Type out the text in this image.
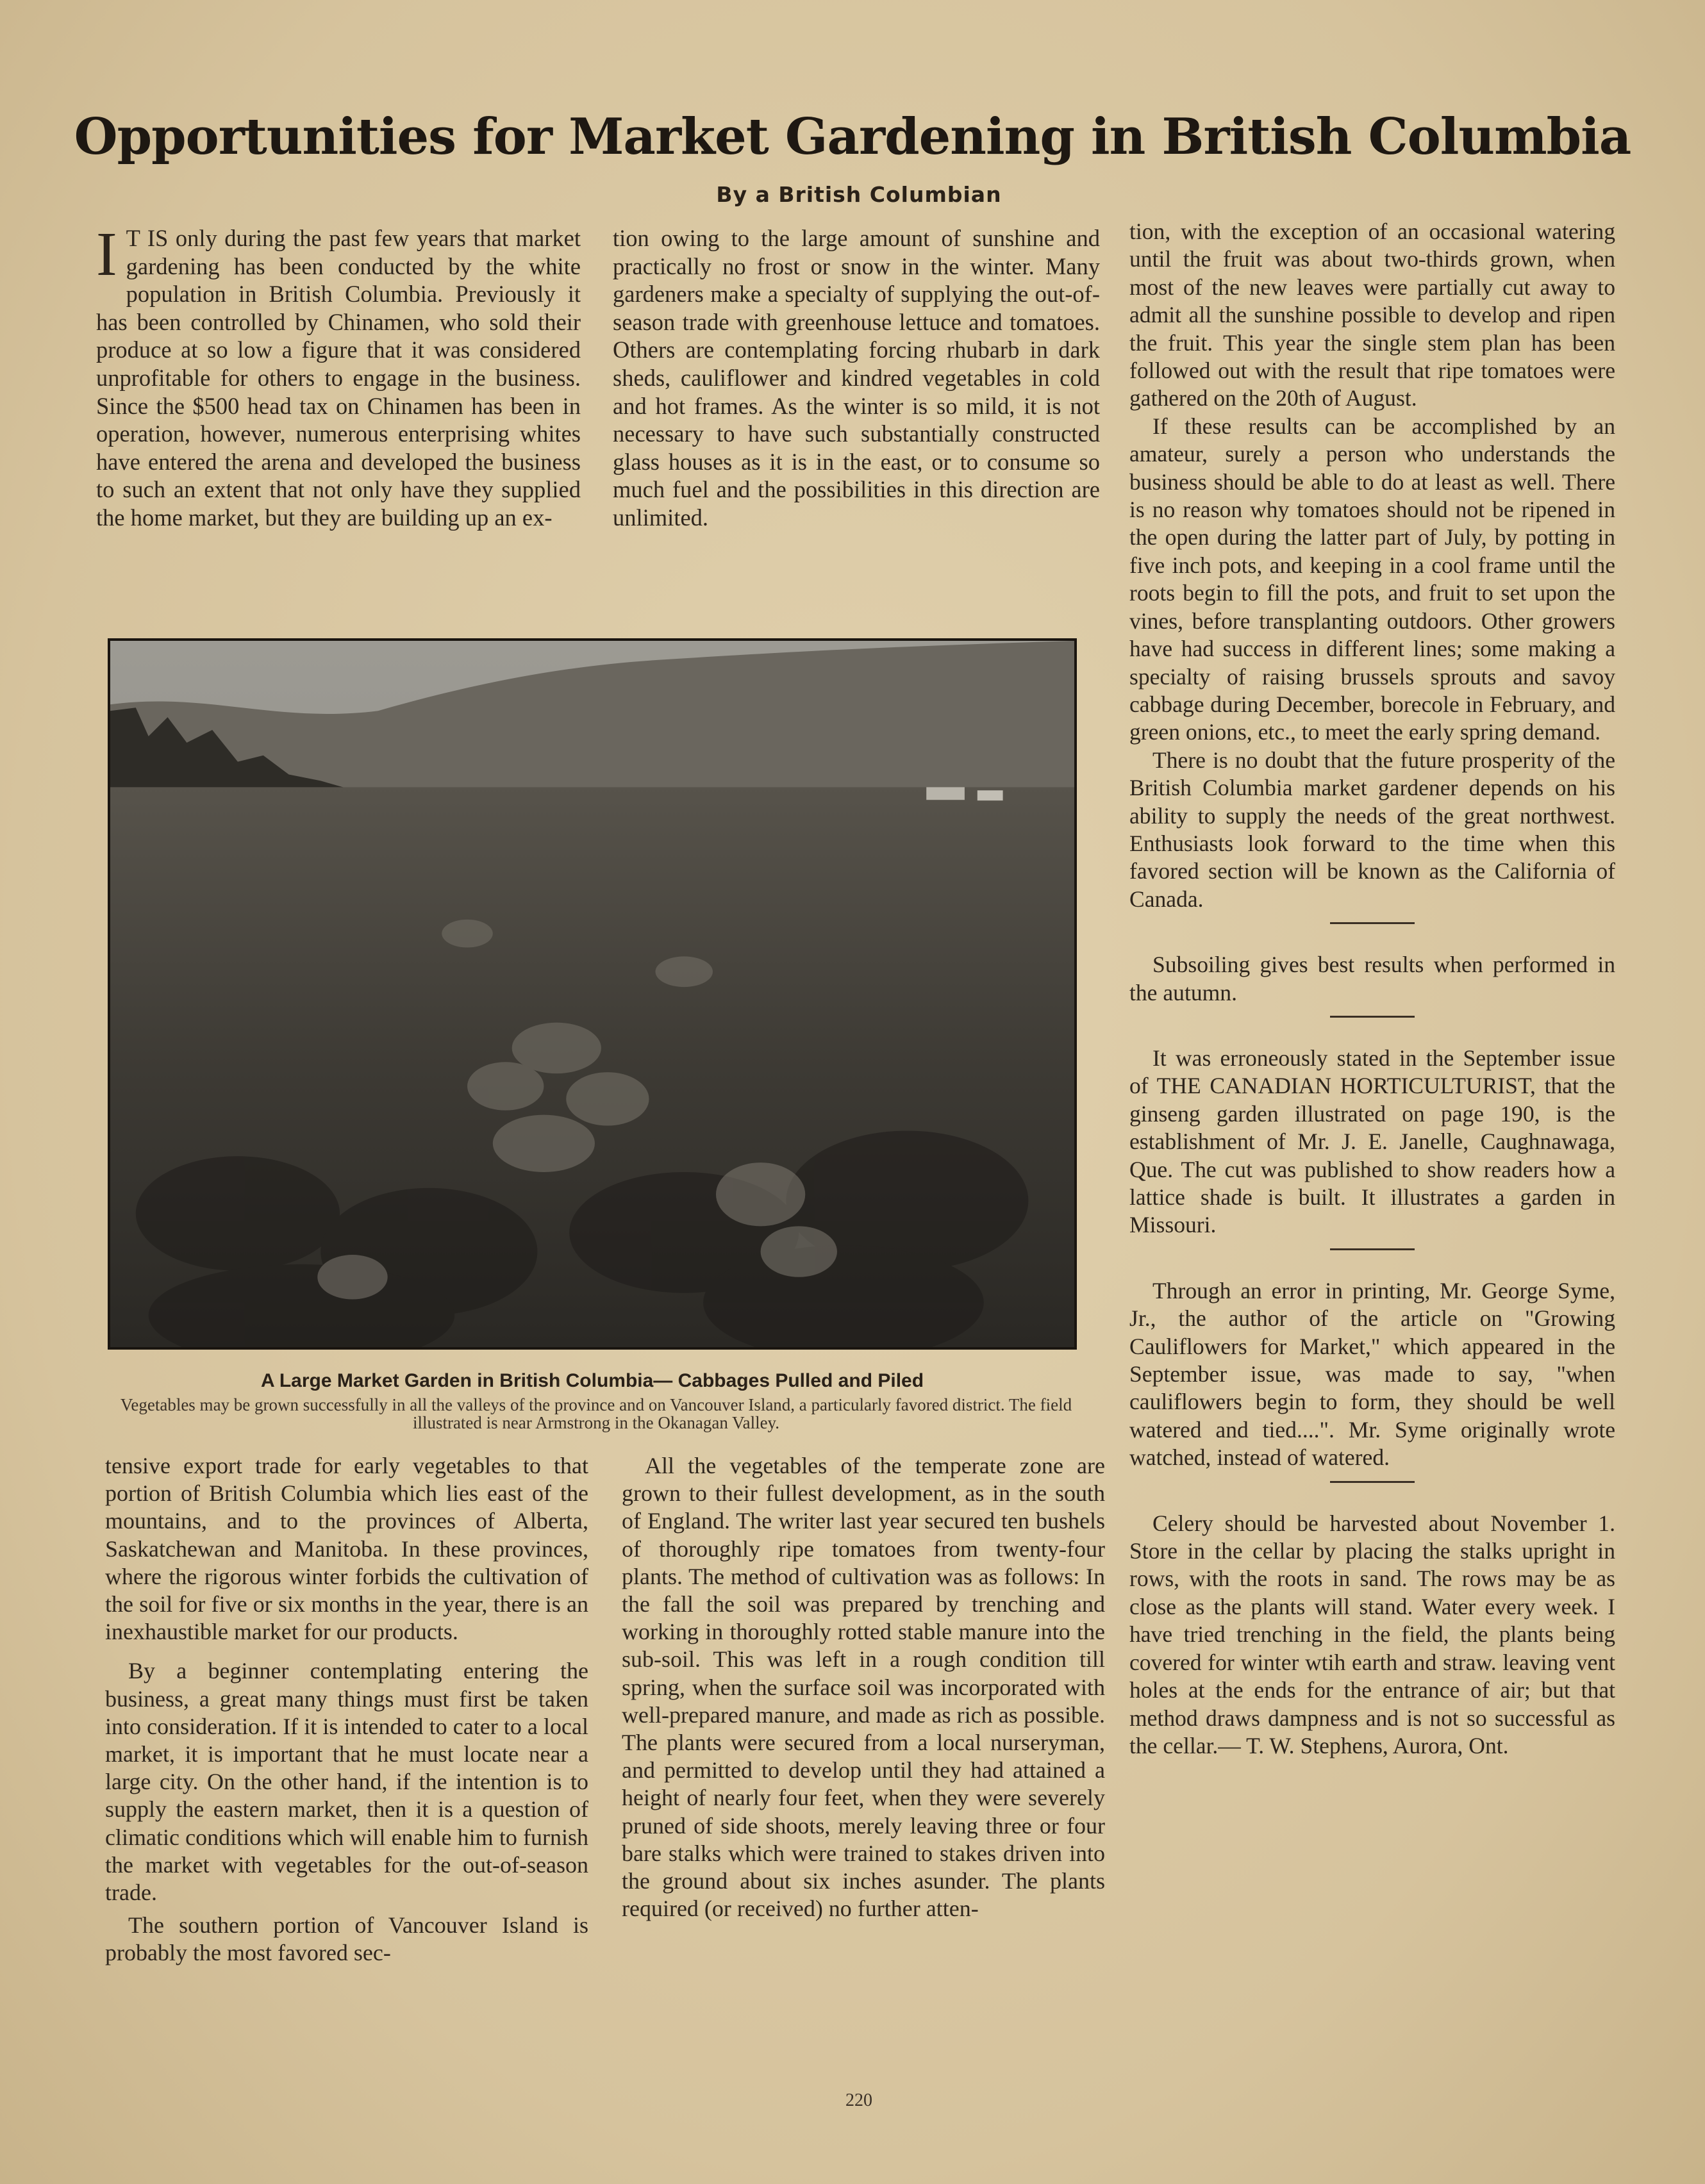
Opportunities for Market Gardening in British Columbia
By a British Columbian

I T IS only during the past few years that market gardening has been conducted by the white population in British Columbia. Previously it has been controlled by Chinamen, who sold their produce at so low a figure that it was considered unprofitable for others to engage in the business. Since the $500 head tax on Chinamen has been in operation, however, numerous enterprising whites have entered the arena and developed the business to such an extent that not only have they supplied the home market, but they are building up an ex-

tion owing to the large amount of sunshine and practically no frost or snow in the winter. Many gardeners make a specialty of supplying the out-of-season trade with greenhouse lettuce and tomatoes. Others are contemplating forcing rhubarb in dark sheds, cauliflower and kindred vegetables in cold and hot frames. As the winter is so mild, it is not necessary to have such substantially constructed glass houses as it is in the east, or to consume so much fuel and the possibilities in this direction are unlimited.

tion, with the exception of an occasional watering until the fruit was about two-thirds grown, when most of the new leaves were partially cut away to admit all the sunshine possible to develop and ripen the fruit. This year the single stem plan has been followed out with the result that ripe tomatoes were gathered on the 20th of August.

If these results can be accomplished by an amateur, surely a person who understands the business should be able to do at least as well. There is no reason why tomatoes should not be ripened in the open during the latter part of July, by potting in five inch pots, and keeping in a cool frame until the roots begin to fill the pots, and fruit to set upon the vines, before transplanting outdoors. Other growers have had success in different lines; some making a specialty of raising brussels sprouts and savoy cabbage during December, borecole in February, and green onions, etc., to meet the early spring demand.

There is no doubt that the future prosperity of the British Columbia market gardener depends on his ability to supply the needs of the great northwest. Enthusiasts look forward to the time when this favored section will be known as the California of Canada.

Subsoiling gives best results when performed in the autumn.

It was erroneously stated in the September issue of THE CANADIAN HORTICULTURIST, that the ginseng garden illustrated on page 190, is the establishment of Mr. J. E. Janelle, Caughnawaga, Que. The cut was published to show readers how a lattice shade is built. It illustrates a garden in Missouri.

Through an error in printing, Mr. George Syme, Jr., the author of the article on "Growing Cauliflowers for Market," which appeared in the September issue, was made to say, "when cauliflowers begin to form, they should be well watered and tied....". Mr. Syme originally wrote watched, instead of watered.

Celery should be harvested about November 1. Store in the cellar by placing the stalks upright in rows, with the roots in sand. The rows may be as close as the plants will stand. Water every week. I have tried trenching in the field, the plants being covered for winter wtih earth and straw. leaving vent holes at the ends for the entrance of air; but that method draws dampness and is not so successful as the cellar.— T. W. Stephens, Aurora, Ont.

A Large Market Garden in British Columbia— Cabbages Pulled and Piled
Vegetables may be grown successfully in all the valleys of the province and on Vancouver Island, a particularly favored district. The field illustrated is near Armstrong in the Okanagan Valley.

tensive export trade for early vegetables to that portion of British Columbia which lies east of the mountains, and to the provinces of Alberta, Saskatchewan and Manitoba. In these provinces, where the rigorous winter forbids the cultivation of the soil for five or six months in the year, there is an inexhaustible market for our products.

By a beginner contemplating entering the business, a great many things must first be taken into consideration. If it is intended to cater to a local market, it is important that he must locate near a large city. On the other hand, if the intention is to supply the eastern market, then it is a question of climatic conditions which will enable him to furnish the market with vegetables for the out-of-season trade.

The southern portion of Vancouver Island is probably the most favored sec-

All the vegetables of the temperate zone are grown to their fullest development, as in the south of England. The writer last year secured ten bushels of thoroughly ripe tomatoes from twenty-four plants. The method of cultivation was as follows: In the fall the soil was prepared by trenching and working in thoroughly rotted stable manure into the sub-soil. This was left in a rough condition till spring, when the surface soil was incorporated with well-prepared manure, and made as rich as possible. The plants were secured from a local nurseryman, and permitted to develop until they had attained a height of nearly four feet, when they were severely pruned of side shoots, merely leaving three or four bare stalks which were trained to stakes driven into the ground about six inches asunder. The plants required (or received) no further atten-

220
